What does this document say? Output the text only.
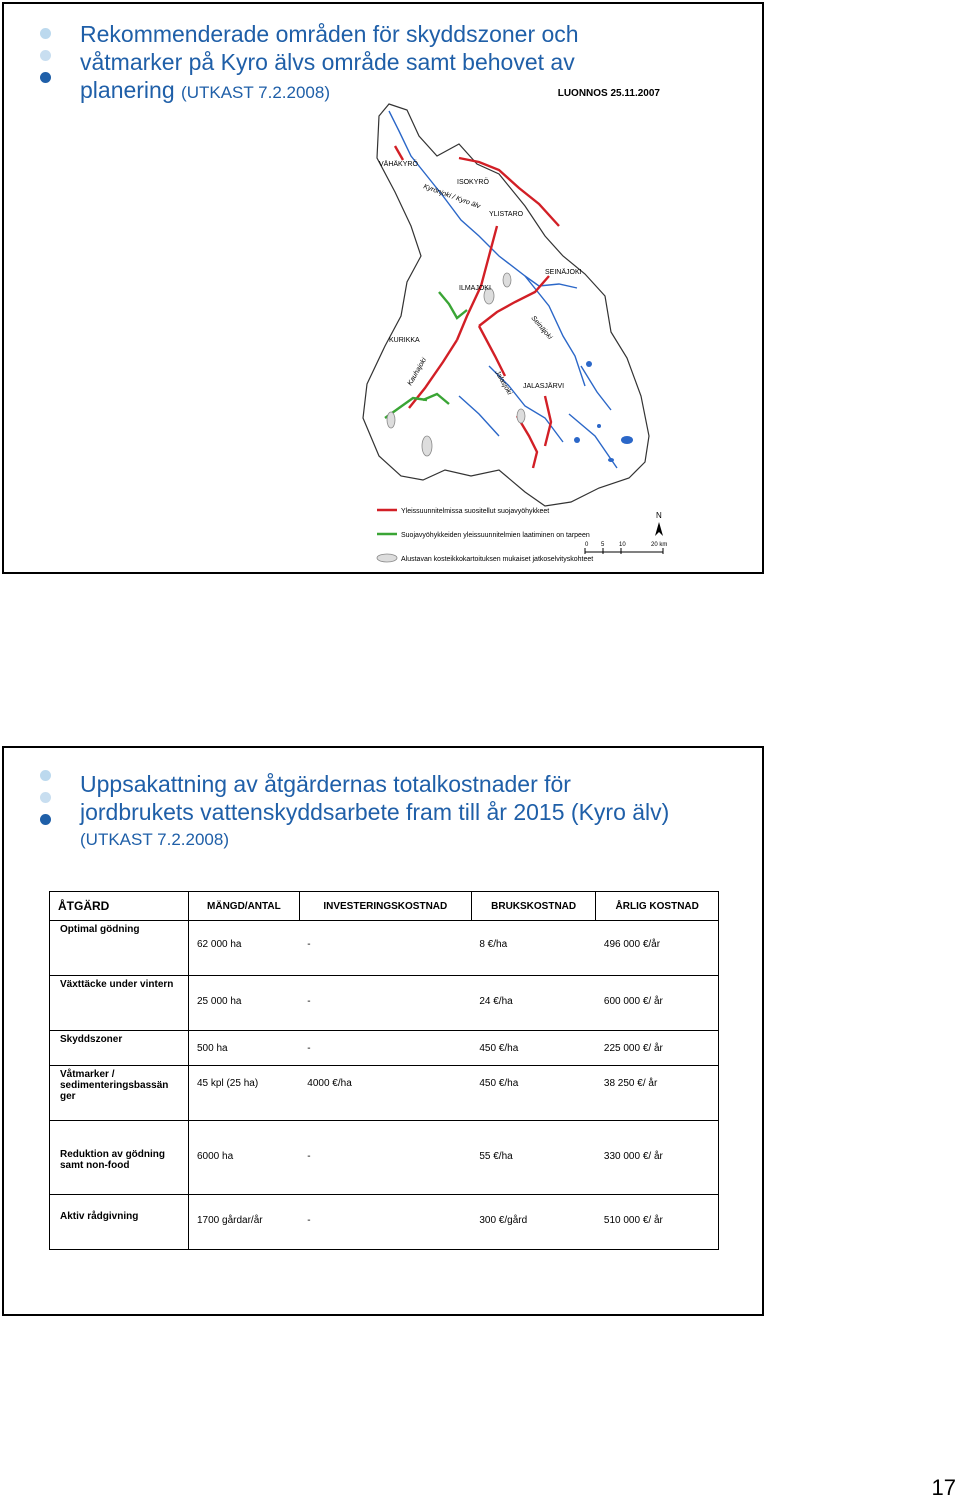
Rekommenderade områden för skyddszoner och
våtmarker på Kyro älvs område samt behovet av
planering (UTKAST 7.2.2008)	LUONNOS 25.11.2007
VÄHÄKYRÖ
ISOKYRÖ
YLISTARO
Kyrönjoki / Kyro älv
SEINÄJOKI
ILMAJOKI
KURIKKA	Seinäjoki
Kauhajoki	Jalasjoki JALASJÄRVI
Yleissuunnitelmissa suositellut suojavyöhykkeet
Suojavyöhykkeiden yleissuunnitelmien laatiminen on tarpeen
Alustavan kosteikkokartoituksen mukaiset jatkoselvityskohteet
N
0 5 10	20 km
Uppsakattning av åtgärdernas totalkostnader för
jordbrukets vattenskyddsarbete fram till år 2015 (Kyro älv)
(UTKAST 7.2.2008)
ÅTGÄRD	MÄNGD/ANTAL	INVESTERINGSKOSTNAD	BRUKSKOSTNAD	ÅRLIG KOSTNAD
Optimal gödning	62 000 ha	-	8 €/ha	496 000 €/år
Växttäcke under vintern	25 000 ha	-	24 €/ha	600 000 €/ år
Skyddszoner	500 ha	-	450 €/ha	225 000 €/ år
Våtmarker / sedimenteringsbassän ger	45 kpl (25 ha)	4000 €/ha	450 €/ha	38 250 €/ år
Reduktion av gödning samt non-food	6000 ha	-	55 €/ha	330 000 €/ år
Aktiv rådgivning	1700 gårdar/år	-	300 €/gård	510 000 €/ år
17
